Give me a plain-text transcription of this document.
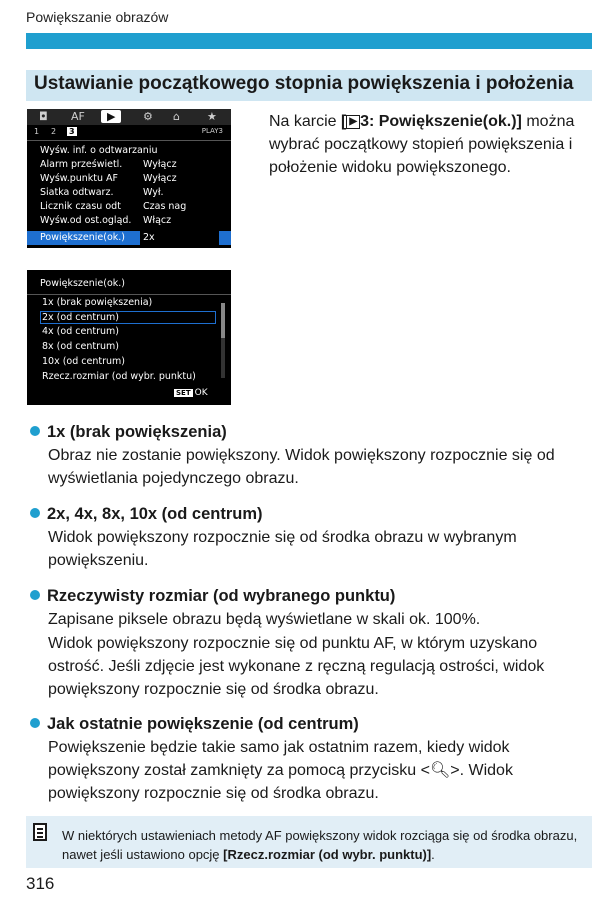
Powiększanie obrazów
Ustawianie początkowego stopnia powiększenia i położenia
◘ AF	▶	⚙ ⌂ ★
1 2 3	PLAY3
Wyśw. inf. o odtwarzaniu
Alarm prześwietl. Wyłącz
Wyśw.punktu AF	Wyłącz
Siatka odtwarz.	Wył.
Licznik czasu odt Czas nag
Wyśw.od ost.ogląd. Włącz
Powiększenie(ok.) 2x
Powiększenie(ok.)
1x (brak powiększenia)
2x (od centrum)
4x (od centrum)
8x (od centrum)
10x (od centrum)
Rzecz.rozmiar (od wybr. punktu)
SET OK
Na karcie [ ▶ 3: Powiększenie(ok.)] można wybrać początkowy stopień powiększenia i położenie widoku powiększonego.
1x (brak powiększenia)
Obraz nie zostanie powiększony. Widok powiększony rozpocznie się od wyświetlania pojedynczego obrazu.
2x, 4x, 8x, 10x (od centrum)
Widok powiększony rozpocznie się od środka obrazu w wybranym powiększeniu.
Rzeczywisty rozmiar (od wybranego punktu)
Zapisane piksele obrazu będą wyświetlane w skali ok. 100%.
Widok powiększony rozpocznie się od punktu AF, w którym uzyskano ostrość. Jeśli zdjęcie jest wykonane z ręczną regulacją ostrości, widok powiększony rozpocznie się od środka obrazu.
Jak ostatnie powiększenie (od centrum)
Powiększenie będzie takie samo jak ostatnim razem, kiedy widok powiększony został zamknięty za pomocą przycisku <🔍︎>. Widok powiększony rozpocznie się od środka obrazu.
W niektórych ustawieniach metody AF powiększony widok rozciąga się od środka obrazu, nawet jeśli ustawiono opcję [Rzecz.rozmiar (od wybr. punktu)].
316
